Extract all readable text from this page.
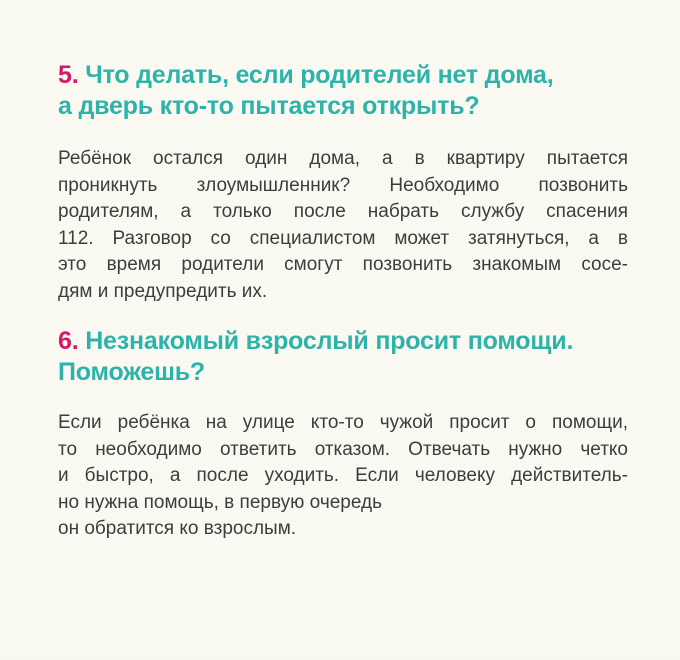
5. Что делать, если родителей нет дома,
а дверь кто-то пытается открыть?

Ребёнок остался один дома, а в квартиру пытается
проникнуть злоумышленник? Необходимо позвонить
родителям, а только после набрать службу спасения
112. Разговор со специалистом может затянуться, а в
это время родители смогут позвонить знакомым сосе-
дям и предупредить их.

6. Незнакомый взрослый просит помощи.
Поможешь?

Если ребёнка на улице кто-то чужой просит о помощи,
то необходимо ответить отказом. Отвечать нужно четко
и быстро, а после уходить. Если человеку действитель-
но нужна помощь, в первую очередь
он обратится ко взрослым.
